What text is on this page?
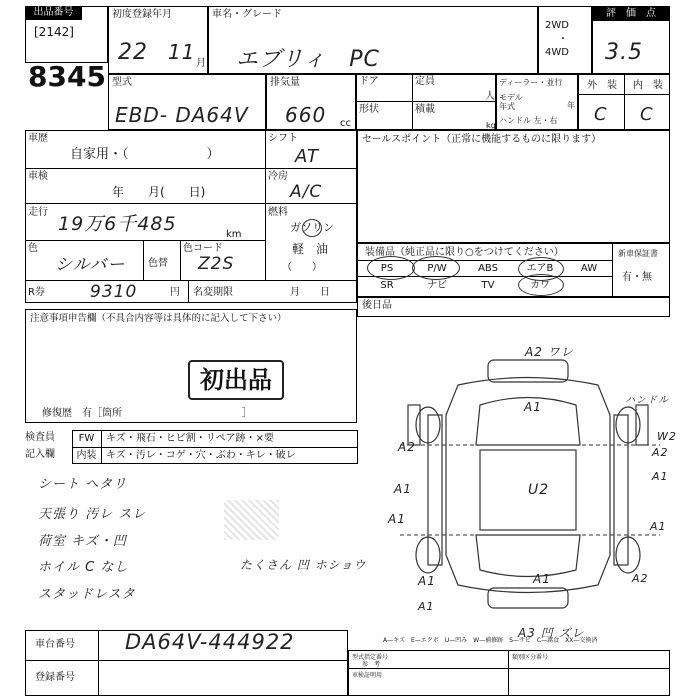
出品番号
[2142]
8345
初度登録年月
22 11 月
車名・グレード
エブリィ　PC
2WD
・
4WD
評　価　点
3.5
型式
EBD- DA64V
排気量
660 cc
ドア	定員
人
形状	積載
kg
ディーラー・並行
モデル年式	年
ハンドル 左・右
外　装	内　装
C C
車歴
自家用・（　　　　　　）
シフト
AT
車検
年　　月(　　日)
冷房
A/C
走行
19万6千485	km
燃料
ガソリン
軽　油
（　　）
色
シルバー 色替
色コード
Z2S
R券	9310	円 名変期限	月　　日
注意事項申告欄（不具合内容等は具体的に記入して下さい）
初出品
修復歴　有［箇所　　　　　　　　　　　　］
セールスポイント（正常に機能するものに限ります）
装備品（純正品に限り○をつけてください）	新車保証書
有・無
PS	P/W	ABS	エアB	AW
SR	ナビ	TV	カワ
後日品
検査員
記入欄
FW
内装
キズ・飛石・ヒビ割・リペア跡・×要
キズ・汚レ・コゲ・穴・ぶわ・キレ・破レ
シート ヘタリ
天張り 汚レ スレ
荷室 キズ・凹
ホイル C なし
スタッドレスタ
たくさん 凹 ホショウ
A2 ワレ
A2
A1
A1
U2
A1
A1
A3 凹 ズレ
ハンドル
W2
A2
A1
A1
A1
A2
A1
A—キズ　E—エクボ　U—凹み　W—補修跡　S—サビ　C—腐食　XX—交換済
車台番号 DA64V-444922
登録番号
型式指定番号
参　考
類別区分番号
車検証明用
